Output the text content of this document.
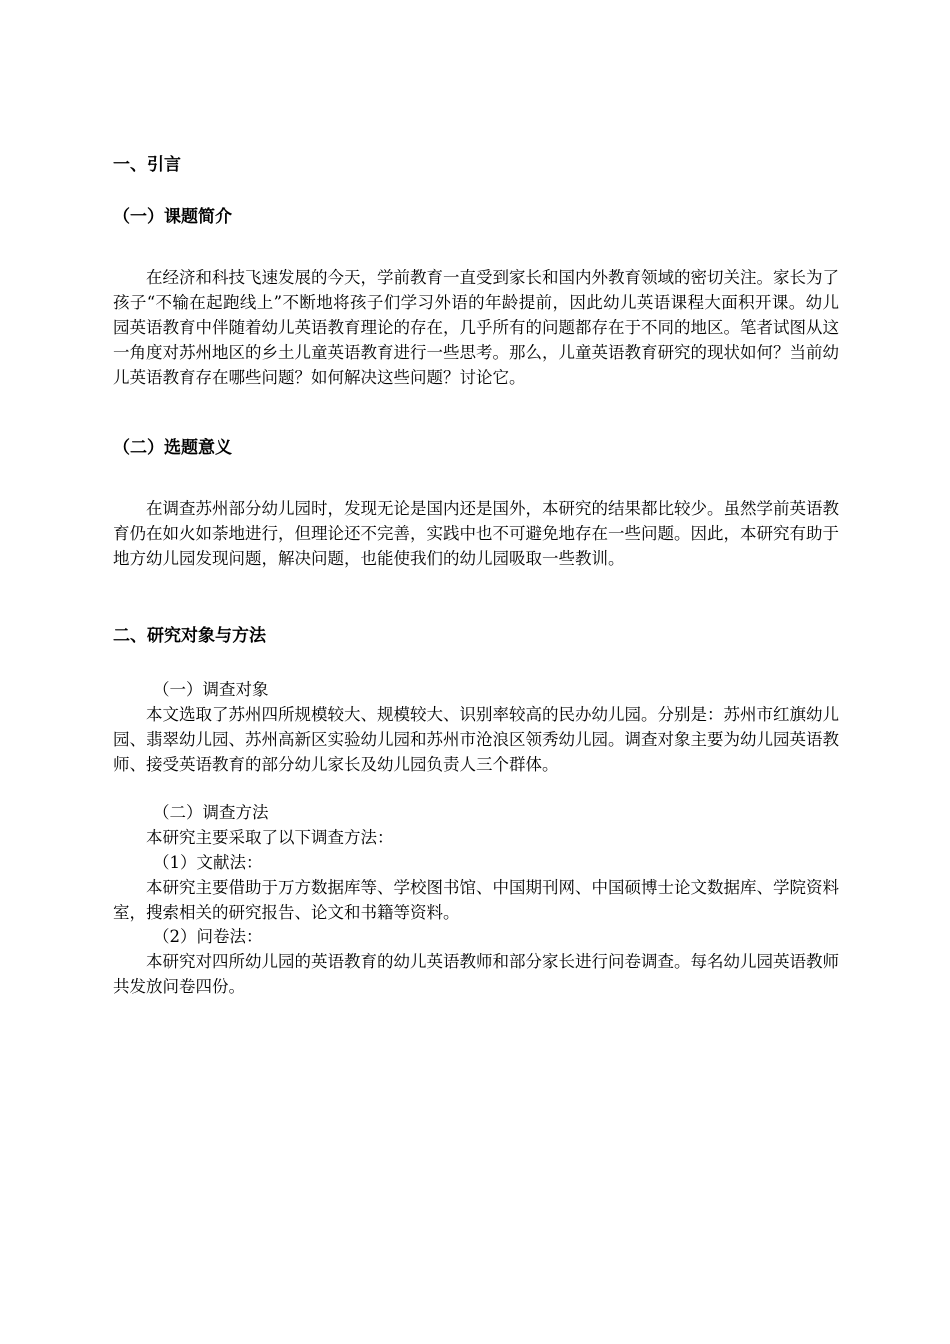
一、引言
（一）课题简介

在经济和科技飞速发展的今天，学前教育一直受到家长和国内外教育领域的密切关注。家长为了孩子“不输在起跑线上”不断地将孩子们学习外语的年龄提前，因此幼儿英语课程大面积开课。幼儿园英语教育中伴随着幼儿英语教育理论的存在，几乎所有的问题都存在于不同的地区。笔者试图从这一角度对苏州地区的乡土儿童英语教育进行一些思考。那么，儿童英语教育研究的现状如何？当前幼儿英语教育存在哪些问题？如何解决这些问题？讨论它。

（二）选题意义

在调查苏州部分幼儿园时，发现无论是国内还是国外，本研究的结果都比较少。虽然学前英语教育仍在如火如荼地进行，但理论还不完善，实践中也不可避免地存在一些问题。因此，本研究有助于地方幼儿园发现问题，解决问题，也能使我们的幼儿园吸取一些教训。

二、研究对象与方法

（一）调查对象

本文选取了苏州四所规模较大、规模较大、识别率较高的民办幼儿园。分别是：苏州市红旗幼儿园、翡翠幼儿园、苏州高新区实验幼儿园和苏州市沧浪区领秀幼儿园。调查对象主要为幼儿园英语教师、接受英语教育的部分幼儿家长及幼儿园负责人三个群体。

（二）调查方法

本研究主要采取了以下调查方法：

（1）文献法：

本研究主要借助于万方数据库等、学校图书馆、中国期刊网、中国硕博士论文数据库、学院资料室，搜索相关的研究报告、论文和书籍等资料。

（2）问卷法：

本研究对四所幼儿园的英语教育的幼儿英语教师和部分家长进行问卷调查。每名幼儿园英语教师共发放问卷四份。
